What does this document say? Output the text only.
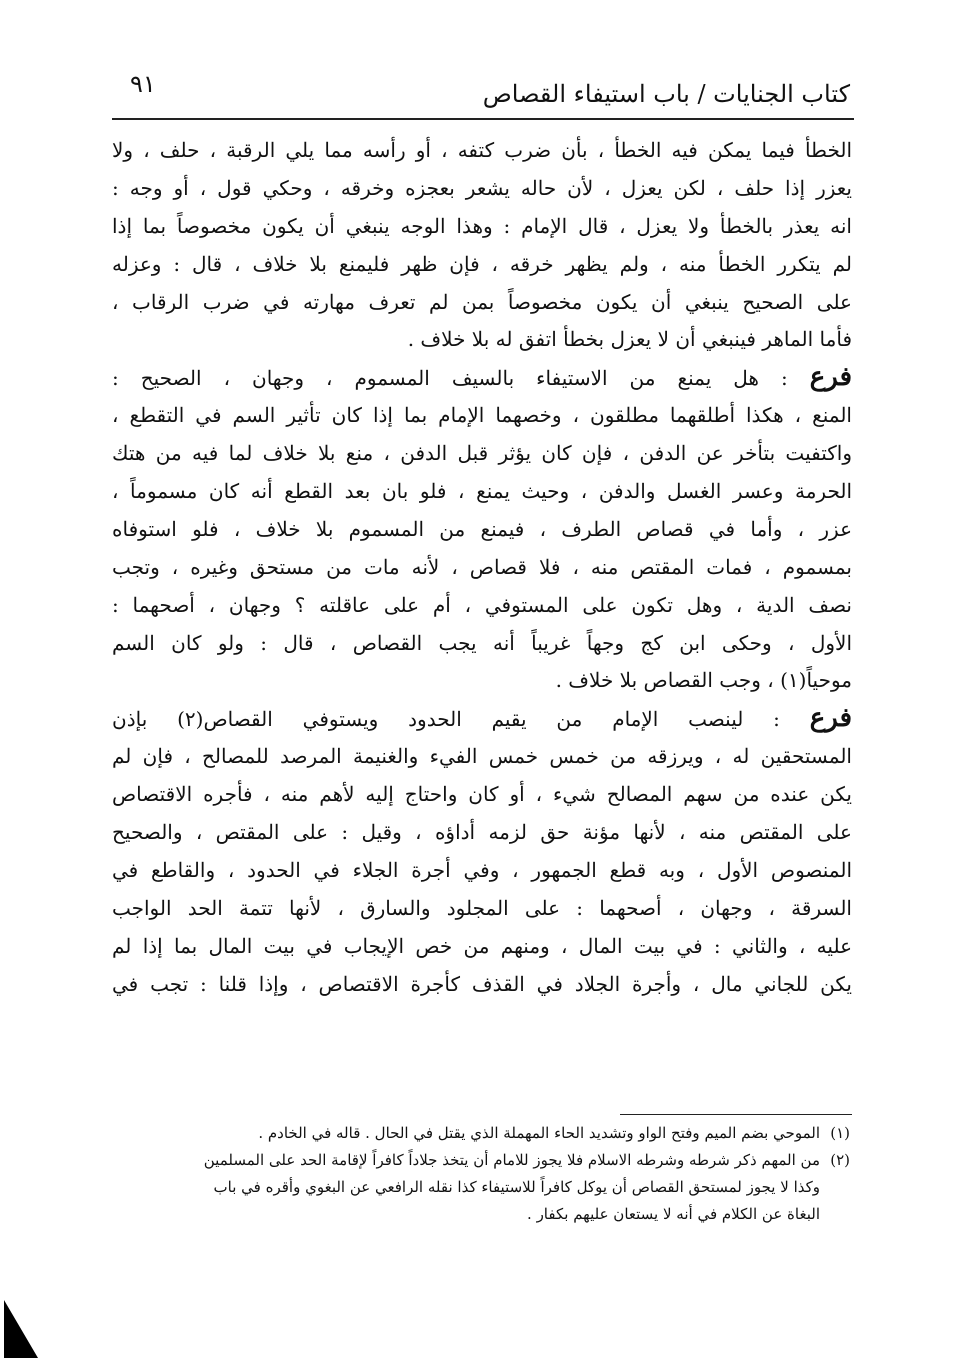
كتاب الجنايات / باب استيفاء القصاص
٩١
الخطأ فيما يمكن فيه الخطأ ، بأن ضرب كتفه ، أو رأسه مما يلي الرقبة ، حلف ، ولا
يعزر إذا حلف ، لكن يعزل ، لأن حاله يشعر بعجزه وخرقه ، وحكي قول ، أو وجه :
انه يعذر بالخطأ ولا يعزل ، قال الإمام : وهذا الوجه ينبغي أن يكون مخصوصاً بما إذا
لم يتكرر الخطأ منه ، ولم يظهر خرقه ، فإن ظهر فليمنع بلا خلاف ، قال : وعزله
على الصحيح ينبغي أن يكون مخصوصاً بمن لم تعرف مهارته في ضرب الرقاب ،
فأما الماهر فينبغي أن لا يعزل بخطأ اتفق له بلا خلاف .
فرع : هل يمنع من الاستيفاء بالسيف المسموم ، وجهان ، الصحيح :
المنع ، هكذا أطلقهما مطلقون ، وخصهما الإمام بما إذا كان تأثير السم في التقطع ،
واكتفيت بتأخر عن الدفن ، فإن كان يؤثر قبل الدفن ، منع بلا خلاف لما فيه من هتك
الحرمة وعسر الغسل والدفن ، وحيث يمنع ، فلو بان بعد القطع أنه كان مسموماً ،
عزر ، وأما في قصاص الطرف ، فيمنع من المسموم بلا خلاف ، فلو استوفاه
بمسموم ، فمات المقتص منه ، فلا قصاص ، لأنه مات من مستحق وغيره ، وتجب
نصف الدية ، وهل تكون على المستوفي ، أم على عاقلته ؟ وجهان ، أصحهما :
الأول ، وحكى ابن كج وجهاً غريباً أنه يجب القصاص ، قال : ولو كان السم
موحياً(١) ، وجب القصاص بلا خلاف .
فرع : لينصب الإمام من يقيم الحدود ويستوفي القصاص(٢) بإذن
المستحقين له ، ويرزقه من خمس خمس الفيء والغنيمة المرصد للمصالح ، فإن لم
يكن عنده من سهم المصالح شيء ، أو كان واحتاج إليه لأهم منه ، فأجره الاقتصاص
على المقتص منه ، لأنها مؤنة حق لزمه أداؤه ، وقيل : على المقتص ، والصحيح
المنصوص الأول ، وبه قطع الجمهور ، وفي أجرة الجلاء في الحدود ، والقاطع في
السرقة ، وجهان ، أصحهما : على المجلود والسارق ، لأنها تتمة الحد الواجب
عليه ، والثاني : في بيت المال ، ومنهم من خص الإيجاب في بيت المال بما إذا لم
يكن للجاني مال ، وأجرة الجلاد في القذف كأجرة الاقتصاص ، وإذا قلنا : تجب في
(١)الموحي بضم الميم وفتح الواو وتشديد الحاء المهملة الذي يقتل في الحال . قاله في الخادم .
(٢)من المهم ذكر شرطه وشرطه الاسلام فلا يجوز للامام أن يتخذ جلاداً كافراً لإقامة الحد على المسلمين
وكذا لا يجوز لمستحق القصاص أن يوكل كافراً للاستيفاء كذا نقله الرافعي عن البغوي وأقره في باب
البغاة عن الكلام في أنه لا يستعان عليهم بكفار .
